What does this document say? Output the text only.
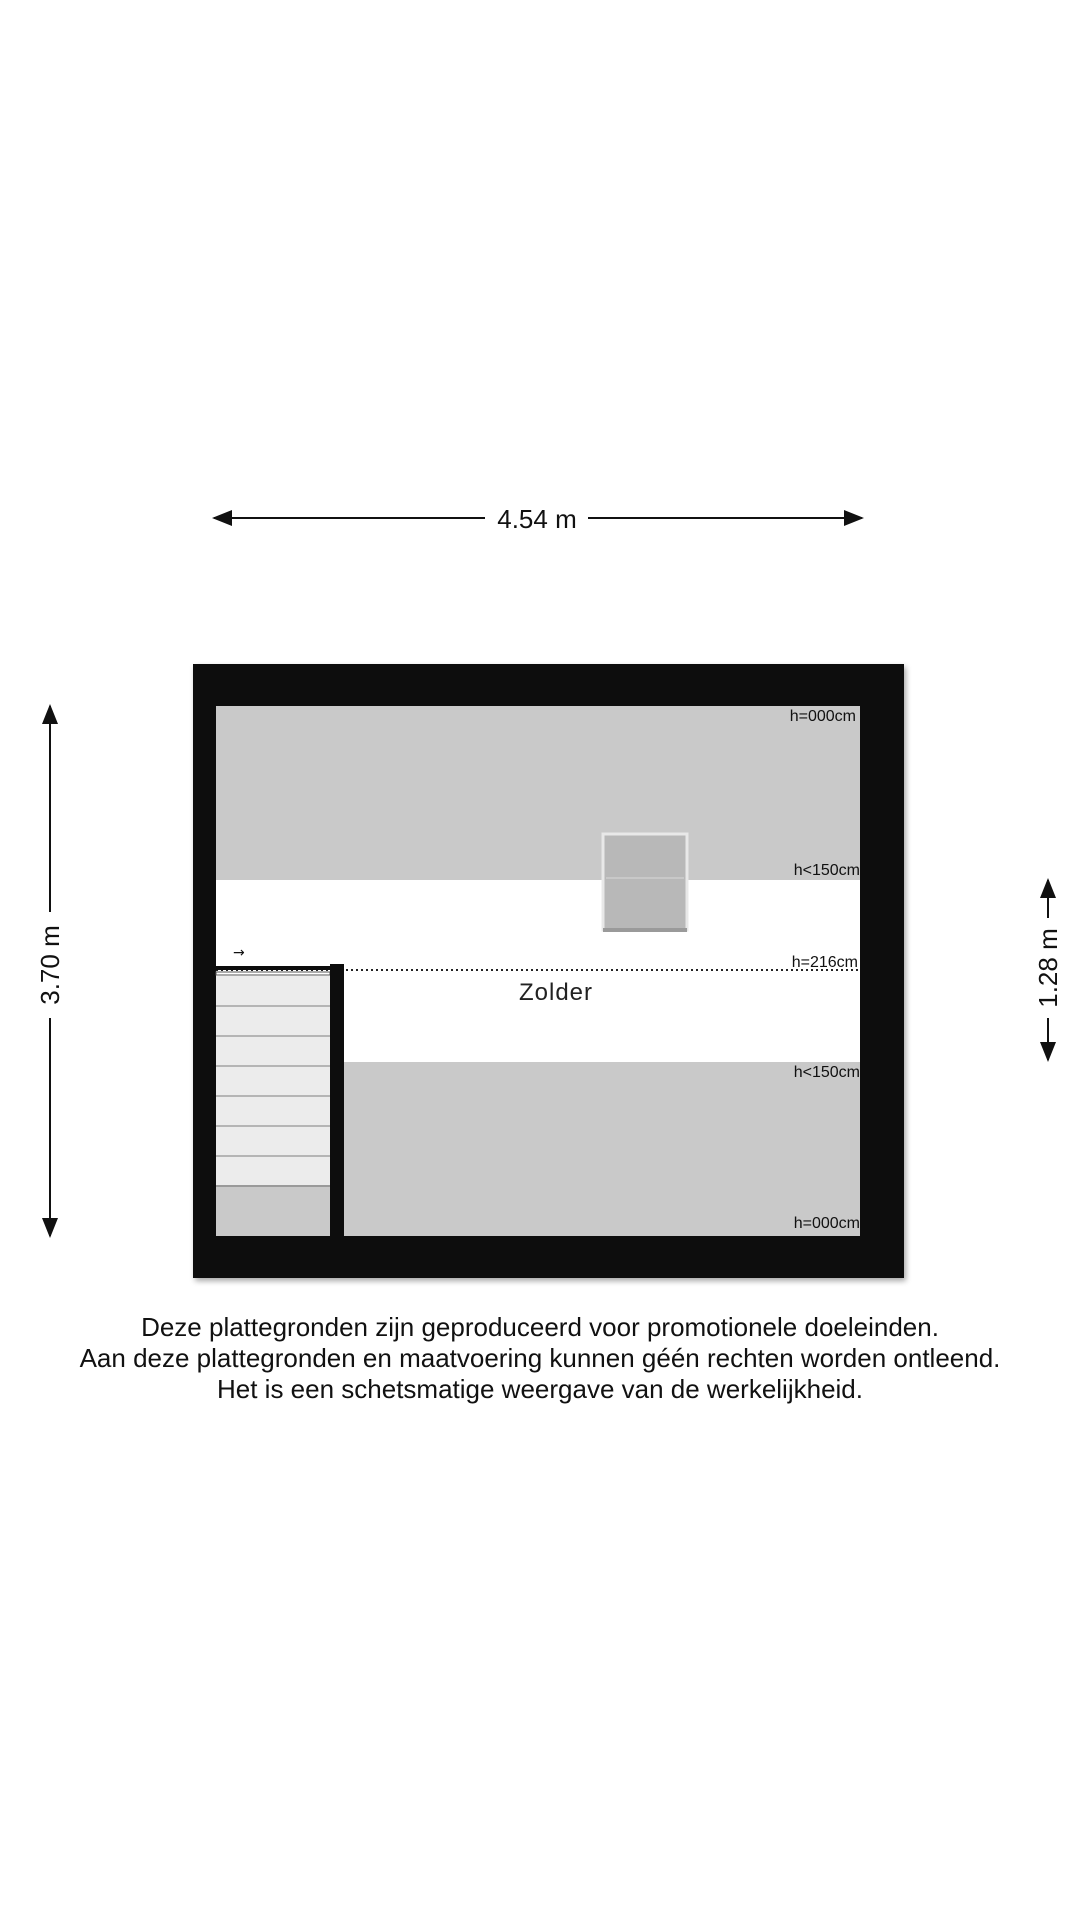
4.54 m
3.70 m	1.28 m
→
Zolder
h=000cm
h<150cm
h=216cm
h<150cm
h=000cm
Deze plattegronden zijn geproduceerd voor promotionele doeleinden.
Aan deze plattegronden en maatvoering kunnen géén rechten worden ontleend.
Het is een schetsmatige weergave van de werkelijkheid.
